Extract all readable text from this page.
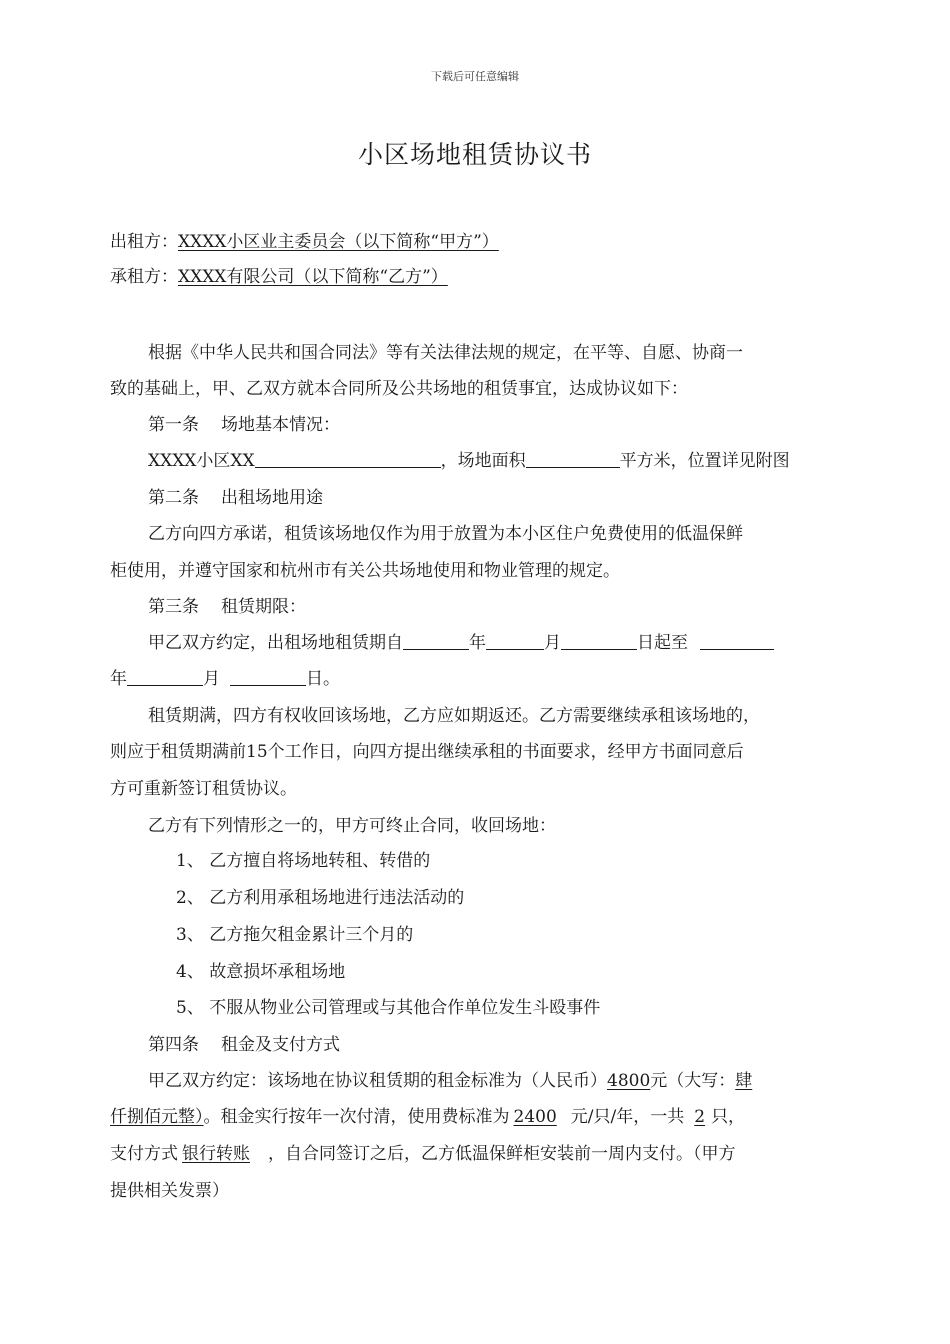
下载后可任意编辑
小区场地租赁协议书
出租方：XXXX小区业主委员会（以下简称“甲方”）
承租方：XXXX有限公司（以下简称“乙方”）
根据《中华人民共和国合同法》等有关法律法规的规定，在平等、自愿、协商一
致的基础上，甲、乙双方就本合同所及公共场地的租赁事宜，达成协议如下：
第一条 场地基本情况：
XXXX小区XX	，场地面积	平方米，位置详见附图
第二条 出租场地用途
乙方向四方承诺，租赁该场地仅作为用于放置为本小区住户免费使用的低温保鲜
柜使用，并遵守国家和杭州市有关公共场地使用和物业管理的规定。
第三条 租赁期限：
甲乙双方约定，出租场地租赁期自	年	月	日起至
年	月	日。
租赁期满，四方有权收回该场地，乙方应如期返还。乙方需要继续承租该场地的，
则应于租赁期满前15个工作日，向四方提出继续承租的书面要求，经甲方书面同意后
方可重新签订租赁协议。
乙方有下列情形之一的，甲方可终止合同，收回场地：
1、 乙方擅自将场地转租、转借的
2、 乙方利用承租场地进行违法活动的
3、 乙方拖欠租金累计三个月的
4、 故意损坏承租场地
5、 不服从物业公司管理或与其他合作单位发生斗殴事件
第四条 租金及支付方式
甲乙双方约定：该场地在协议租赁期的租金标准为（人民币）4800元（大写：肆
仟捌佰元整）。租金实行按年一次付清，使用费标准为 2400 元/只/年，一共 2 只，
支付方式 银行转账 ，自合同签订之后，乙方低温保鲜柜安装前一周内支付。（甲方
提供相关发票）
